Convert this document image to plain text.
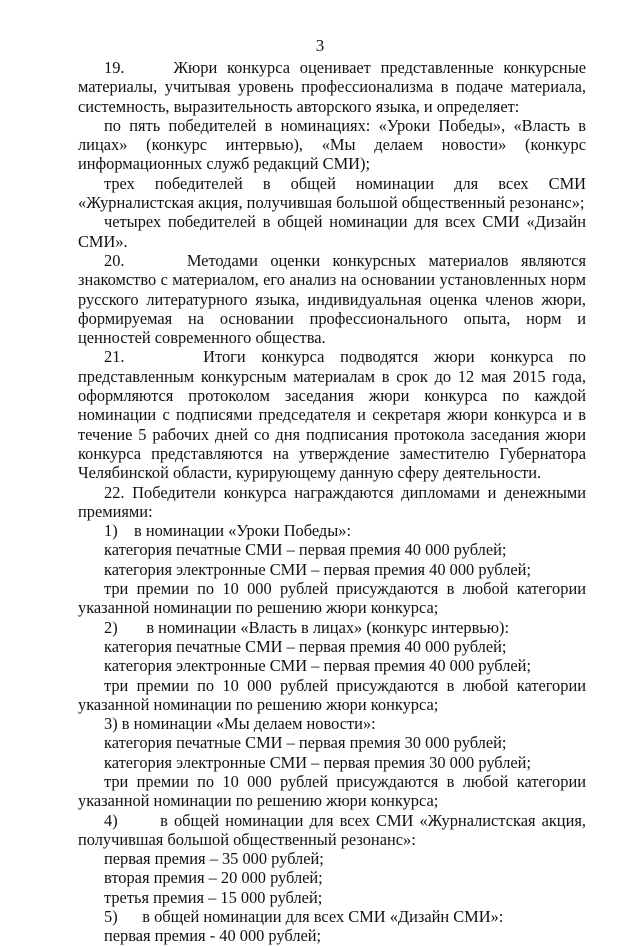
3

19.     Жюри конкурса оценивает представленные конкурсные материалы, учитывая уровень профессионализма в подаче материала, системность, выразительность авторского языка, и определяет:

по пять победителей в номинациях: «Уроки Победы», «Власть в лицах» (конкурс интервью), «Мы делаем новости» (конкурс информационных служб редакций СМИ);

трех победителей в общей номинации для всех СМИ «Журналистская акция, получившая большой общественный резонанс»;

четырех победителей в общей номинации для всех СМИ «Дизайн СМИ».

20.     Методами оценки конкурсных материалов являются знакомство с материалом, его анализ на основании установленных норм русского литературного языка, индивидуальная оценка членов жюри, формируемая на основании профессионального опыта, норм и ценностей современного общества.

21.     Итоги конкурса подводятся жюри конкурса по представленным конкурсным материалам в срок до 12 мая 2015 года, оформляются протоколом заседания жюри конкурса по каждой номинации с подписями председателя и секретаря жюри конкурса и в течение 5 рабочих дней со дня подписания протокола заседания жюри конкурса представляются на утверждение заместителю Губернатора Челябинской области, курирующему данную сферу деятельности.

22. Победители конкурса награждаются дипломами и денежными премиями:

1)    в номинации «Уроки Победы»:

категория печатные СМИ – первая премия 40 000 рублей;

категория электронные СМИ – первая премия 40 000 рублей;

три премии по 10 000 рублей присуждаются в любой категории указанной номинации по решению жюри конкурса;

2)       в номинации «Власть в лицах» (конкурс интервью):

категория печатные СМИ – первая премия 40 000 рублей;

категория электронные СМИ – первая премия 40 000 рублей;

три премии по 10 000 рублей присуждаются в любой категории указанной номинации по решению жюри конкурса;

3) в номинации «Мы делаем новости»:

категория печатные СМИ – первая премия 30 000 рублей;

категория электронные СМИ – первая премия 30 000 рублей;

три премии по 10 000 рублей присуждаются в любой категории указанной номинации по решению жюри конкурса;

4)       в общей номинации для всех СМИ «Журналистская акция, получившая большой общественный резонанс»:

первая премия – 35 000 рублей;

вторая премия – 20 000 рублей;

третья премия – 15 000 рублей;

5)      в общей номинации для всех СМИ «Дизайн СМИ»:

первая премия - 40 000 рублей;
